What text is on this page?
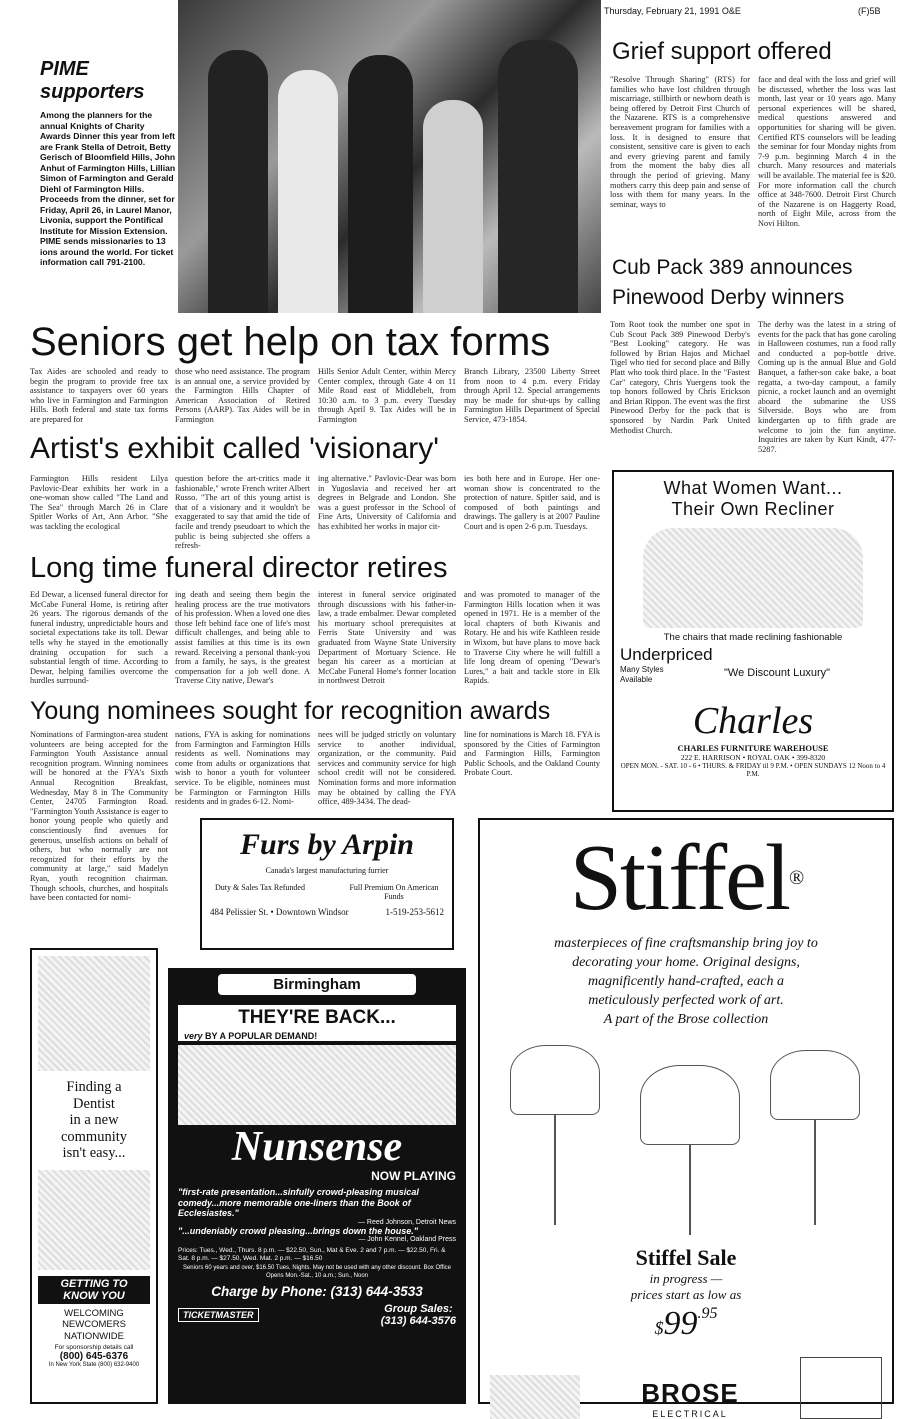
Thursday, February 21, 1991 O&E	(F)5B
PIME
supporters
Among the planners for the annual Knights of Charity Awards Dinner this year from left are Frank Stella of Detroit, Betty Gerisch of Bloomfield Hills, John Anhut of Farmington Hills, Lillian Simon of Farmington and Gerald Diehl of Farmington Hills. Proceeds from the dinner, set for Friday, April 26, in Laurel Manor, Livonia, support the Pontifical Institute for Mission Extension. PIME sends missionaries to 13 ions around the world. For ticket information call 791-2100.
Grief support offered
"Resolve Through Sharing" (RTS) for families who have lost children through miscarriage, stillbirth or newborn death is being offered by Detroit First Church of the Nazarene. RTS is a comprehensive bereavement program for families with a loss. It is designed to ensure that consistent, sensitive care is given to each and every grieving parent and family from the moment the baby dies all through the period of grieving. Many mothers carry this deep pain and sense of loss with them for many years. In the seminar, ways to
face and deal with the loss and grief will be discussed, whether the loss was last month, last year or 10 years ago. Many personal experiences will be shared, medical questions answered and opportunities for sharing will be given. Certified RTS counselors will be leading the seminar for four Monday nights from 7-9 p.m. beginning March 4 in the church. Many resources and materials will be available. The material fee is $20. For more information call the church office at 348-7600. Detroit First Church of the Nazarene is on Haggerty Road, north of Eight Mile, across from the Novi Hilton.
Cub Pack 389 announces
Pinewood Derby winners
Tom Root took the number one spot in Cub Scout Pack 389 Pinewood Derby's "Best Looking" category. He was followed by Brian Hajos and Michael Tigel who tied for second place and Billy Platt who took third place. In the "Fastest Car" category, Chris Yuergens took the top honors followed by Chris Erickson and Brian Rippon. The event was the first Pinewood Derby for the pack that is sponsored by Nardin Park United Methodist Church.
The derby was the latest in a string of events for the pack that has gone caroling in Halloween costumes, run a food rally and conducted a pop-bottle drive. Coming up is the annual Blue and Gold Banquet, a father-son cake bake, a boat regatta, a two-day campout, a family picnic, a rocket launch and an overnight aboard the submarine the USS Silverside. Boys who are from kindergarten up to fifth grade are welcome to join the fun anytime. Inquiries are taken by Kurt Kindt, 477-5287.
Seniors get help on tax forms
Tax Aides are schooled and ready to begin the program to provide free tax assistance to taxpayers over 60 years who live in Farmington and Farmington Hills. Both federal and state tax forms are prepared for
those who need assistance. The program is an annual one, a service provided by the Farmington Hills Chapter of American Association of Retired Persons (AARP). Tax Aides will be in Farmington
Hills Senior Adult Center, within Mercy Center complex, through Gate 4 on 11 Mile Road east of Middlebelt, from 10:30 a.m. to 3 p.m. every Tuesday through April 9. Tax Aides will be in Farmington
Branch Library, 23500 Liberty Street from noon to 4 p.m. every Friday through April 12. Special arrangements may be made for shut-ups by calling Farmington Hills Department of Special Service, 473-1854.
Artist's exhibit called 'visionary'
Farmington Hills resident Lilya Pavlovic-Dear exhibits her work in a one-woman show called "The Land and The Sea" through March 26 in Clare Spitler Works of Art, Ann Arbor. "She was tackling the ecological
question before the art-critics made it fashionable," wrote French writer Albert Russo. "The art of this young artist is that of a visionary and it wouldn't be exaggerated to say that amid the tide of facile and trendy pseudoart to which the public is being subjected she offers a refresh-
ing alternative." Pavlovic-Dear was born in Yugoslavia and received her art degrees in Belgrade and London. She was a guest professor in the School of Fine Arts, University of California and has exhibited her works in major cit-
ies both here and in Europe. Her one-woman show is concentrated to the protection of nature. Spitler said, and is composed of both paintings and drawings. The gallery is at 2007 Pauline Court and is open 2-6 p.m. Tuesdays.
Long time funeral director retires
Ed Dewar, a licensed funeral director for McCabe Funeral Home, is retiring after 26 years. The rigorous demands of the funeral industry, unpredictable hours and societal expectations take its toll. Dewar tells why he stayed in the emotionally draining occupation for such a substantial length of time. According to Dewar, helping families overcome the hurdles surround-
ing death and seeing them begin the healing process are the true motivators of his profession. When a loved one dies those left behind face one of life's most difficult challenges, and being able to assist families at this time is its own reward. Receiving a personal thank-you from a family, he says, is the greatest compensation for a job well done. A Traverse City native, Dewar's
interest in funeral service originated through discussions with his father-in-law, a trade embalmer. Dewar completed his mortuary school prerequisites at Ferris State University and was graduated from Wayne State University Department of Mortuary Science. He began his career as a mortician at McCabe Funeral Home's former location in northwest Detroit
and was promoted to manager of the Farmington Hills location when it was opened in 1971. He is a member of the local chapters of both Kiwanis and Rotary. He and his wife Kathleen reside in Wixom, but have plans to move back to Traverse City where he will fulfill a life long dream of opening "Dewar's Lures," a bait and tackle store in Elk Rapids.
Young nominees sought for recognition awards
Nominations of Farmington-area student volunteers are being accepted for the Farmington Youth Assistance annual recognition program. Winning nominees will be honored at the FYA's Sixth Annual Recognition Breakfast, Wednesday, May 8 in The Community Center, 24705 Farmington Road. "Farmington Youth Assistance is eager to honor young people who quietly and conscientiously find avenues for generous, unselfish actions on behalf of others, but who normally are not recognized for their efforts by the community at large," said Madelyn Ryan, youth recognition chairman. Though schools, churches, and hospitals have been contacted for nomi-
nations, FYA is asking for nominations from Farmington and Farmington Hills residents as well. Nominations may come from adults or organizations that wish to honor a youth for volunteer service. To be eligible, nominees must be Farmington or Farmington Hills residents and in grades 6-12. Nomi-
nees will be judged strictly on voluntary service to another individual, organization, or the community. Paid services and community service for high school credit will not be considered. Nomination forms and more information may be obtained by calling the FYA office, 489-3434. The dead-
line for nominations is March 18. FYA is sponsored by the Cities of Farmington and Farmington Hills, Farmington Public Schools, and the Oakland County Probate Court.
What Women Want...
Their Own Recliner
The chairs that made reclining fashionable
Underpriced
Many Styles Available
"We Discount Luxury"
Charles
CHARLES FURNITURE WAREHOUSE
222 E. HARRISON • ROYAL OAK • 399-8320
OPEN MON. - SAT. 10 - 6 • THURS. & FRIDAY til 9 P.M. • OPEN SUNDAYS 12 Noon to 4 P.M.
Furs by Arpin
Canada's largest manufacturing furrier
Duty & Sales Tax Refunded	Full Premium On American Funds
484 Pelissier St. • Downtown Windsor	1-519-253-5612	Stiffel®
masterpieces of fine craftsmanship bring joy to
decorating your home. Original designs,
magnificently hand-crafted, each a
meticulously perfected work of art.
A part of the Brose collection
Stiffel Sale
in progress —
prices start as low as
$99.95
BROSE
ELECTRICAL
Finding a
Dentist
in a new
community
isn't easy...
GETTING TO
KNOW YOU
WELCOMING
NEWCOMERS
NATIONWIDE
For sponsorship details call
(800) 645-6376
In New York State (800) 632-9400
Birmingham
THEY'RE BACK...
very BY A POPULAR DEMAND!
Nunsense
NOW PLAYING
"first-rate presentation...sinfully crowd-pleasing musical comedy...more memorable one-liners than the Book of Ecclesiastes."
— Reed Johnson, Detroit News
"...undeniably crowd pleasing...brings down the house."
— John Kennel, Oakland Press
Prices: Tues., Wed., Thurs. 8 p.m. — $22.50, Sun., Mat & Eve. 2 and 7 p.m. — $22.50, Fri. & Sat. 8 p.m. — $27.50, Wed. Mat. 2 p.m. — $16.50
Seniors 60 years and over, $16.50 Tues. Nights. May not be used with any other discount. Box Office Opens Mon.-Sat., 10 a.m.; Sun., Noon
Charge by Phone: (313) 644-3533
TICKETMASTER	Group Sales:
(313) 644-3576
